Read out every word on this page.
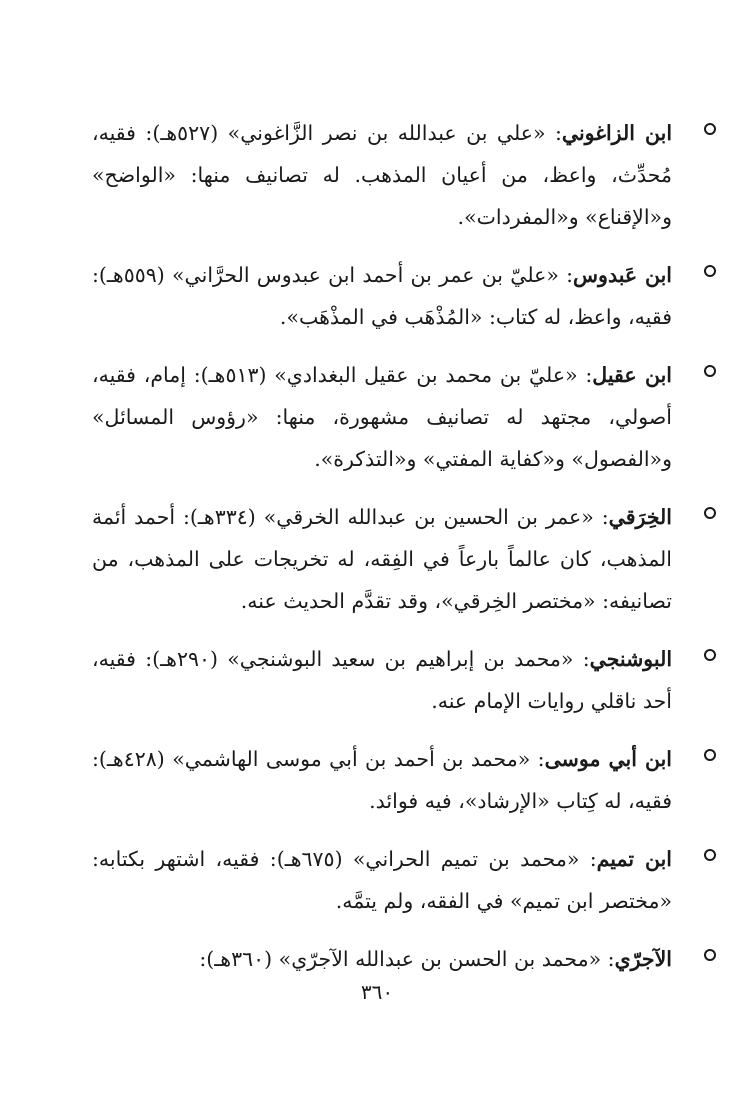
ابن الزاغوني: «علي بن عبدالله بن نصر الزَّاغوني» (٥٢٧هـ): فقيه، مُحدِّث، واعظ، من أعيان المذهب. له تصانيف منها: «الواضح» و«الإقناع» و«المفردات».
ابن عَبدوس: «عليّ بن عمر بن أحمد ابن عبدوس الحرَّاني» (٥٥٩هـ): فقيه، واعظ، له كتاب: «المُذْهَب في المذْهَب».
ابن عقيل: «عليّ بن محمد بن عقيل البغدادي» (٥١٣هـ): إمام، فقيه، أصولي، مجتهد له تصانيف مشهورة، منها: «رؤوس المسائل» و«الفصول» و«كفاية المفتي» و«التذكرة».
الخِرَقي: «عمر بن الحسين بن عبدالله الخرقي» (٣٣٤هـ): أحمد أئمة المذهب، كان عالماً بارعاً في الفِقه، له تخريجات على المذهب، من تصانيفه: «مختصر الخِرقي»، وقد تقدَّم الحديث عنه.
البوشنجي: «محمد بن إبراهيم بن سعيد البوشنجي» (٢٩٠هـ): فقيه، أحد ناقلي روايات الإمام عنه.
ابن أبي موسى: «محمد بن أحمد بن أبي موسى الهاشمي» (٤٢٨هـ): فقيه، له كِتاب «الإرشاد»، فيه فوائد.
ابن تميم: «محمد بن تميم الحراني» (٦٧٥هـ): فقيه، اشتهر بكتابه: «مختصر ابن تميم» في الفقه، ولم يتمَّه.
الآجرّي: «محمد بن الحسن بن عبدالله الآجرّي» (٣٦٠هـ):
٣٦٠
